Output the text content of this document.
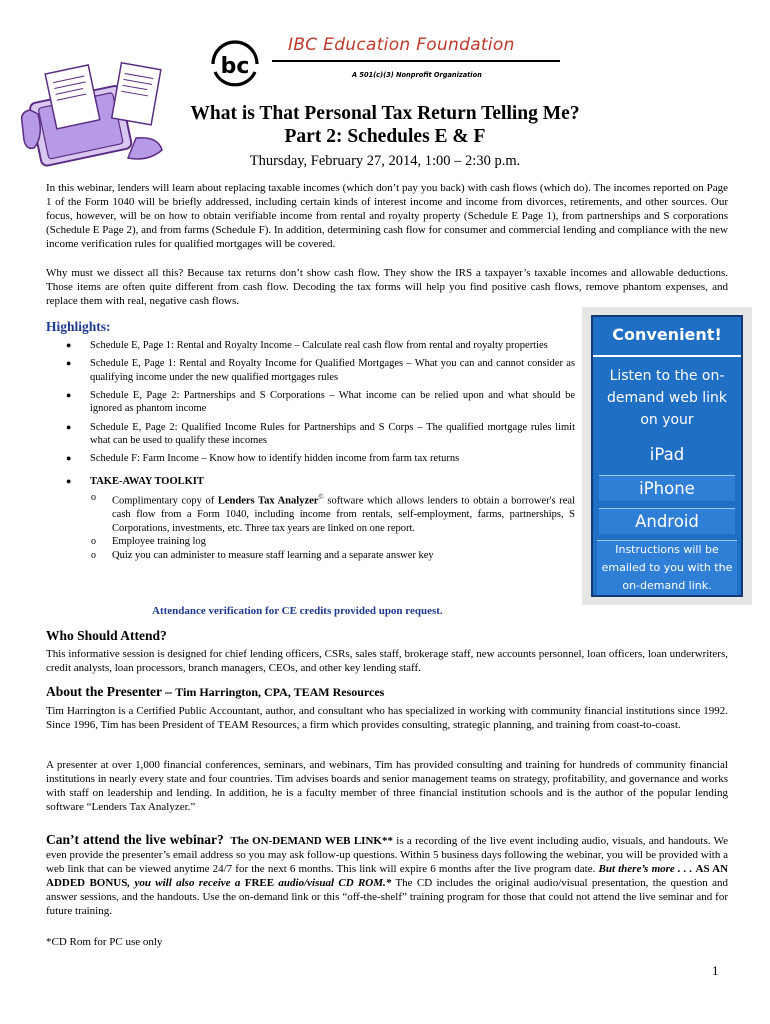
bc
IBC Education Foundation
A 501(c)(3) Nonprofit Organization
What is That Personal Tax Return Telling Me?
Part 2: Schedules E & F
Thursday, February 27, 2014, 1:00 – 2:30 p.m.

In this webinar, lenders will learn about replacing taxable incomes (which don’t pay you back) with cash flows (which do). The incomes reported on Page 1 of the Form 1040 will be briefly addressed, including certain kinds of interest income and income from divorces, retirements, and other sources. Our focus, however, will be on how to obtain verifiable income from rental and royalty property (Schedule E Page 1), from partnerships and S corporations (Schedule E Page 2), and from farms (Schedule F). In addition, determining cash flow for consumer and commercial lending and compliance with the new income verification rules for qualified mortgages will be covered.

Why must we dissect all this? Because tax returns don’t show cash flow. They show the IRS a taxpayer’s taxable incomes and allowable deductions. Those items are often quite different from cash flow. Decoding the tax forms will help you find positive cash flows, remove phantom expenses, and replace them with real, negative cash flows.

Highlights:
● Schedule E, Page 1: Rental and Royalty Income – Calculate real cash flow from rental and royalty properties
● Schedule E, Page 1: Rental and Royalty Income for Qualified Mortgages – What you can and cannot consider as qualifying income under the new qualified mortgages rules
● Schedule E, Page 2: Partnerships and S Corporations – What income can be relied upon and what should be ignored as phantom income
● Schedule E, Page 2: Qualified Income Rules for Partnerships and S Corps – The qualified mortgage rules limit what can be used to qualify these incomes
● Schedule F: Farm Income – Know how to identify hidden income from farm tax returns
● TAKE-AWAY TOOLKIT
o Complimentary copy of Lenders Tax Analyzer© software which allows lenders to obtain a borrower's real cash flow from a Form 1040, including income from rentals, self-employment, farms, partnerships, S Corporations, investments, etc. Three tax years are linked on one report.
o Employee training log
o Quiz you can administer to measure staff learning and a separate answer key
Attendance verification for CE credits provided upon request.
Convenient!
Listen to the on-demand web link on your
iPad
iPhone
Android
Instructions will be emailed to you with the on-demand link.
Who Should Attend?

This informative session is designed for chief lending officers, CSRs, sales staff, brokerage staff, new accounts personnel, loan officers, loan underwriters, credit analysts, loan processors, branch managers, CEOs, and other key lending staff.

About the Presenter – Tim Harrington, CPA, TEAM Resources

Tim Harrington is a Certified Public Accountant, author, and consultant who has specialized in working with community financial institutions since 1992. Since 1996, Tim has been President of TEAM Resources, a firm which provides consulting, strategic planning, and training from coast-to-coast.

A presenter at over 1,000 financial conferences, seminars, and webinars, Tim has provided consulting and training for hundreds of community financial institutions in nearly every state and four countries. Tim advises boards and senior management teams on strategy, profitability, and governance and works with staff on leadership and lending. In addition, he is a faculty member of three financial institution schools and is the author of the popular lending software “Lenders Tax Analyzer.”

Can’t attend the live webinar? The ON-DEMAND WEB LINK** is a recording of the live event including audio, visuals, and handouts. We even provide the presenter’s email address so you may ask follow-up questions. Within 5 business days following the webinar, you will be provided with a web link that can be viewed anytime 24/7 for the next 6 months. This link will expire 6 months after the live program date. But there’s more . . . AS AN ADDED BONUS, you will also receive a FREE audio/visual CD ROM.* The CD includes the original audio/visual presentation, the question and answer sessions, and the handouts. Use the on-demand link or this “off-the-shelf” training program for those that could not attend the live seminar and for future training.

*CD Rom for PC use only
1
